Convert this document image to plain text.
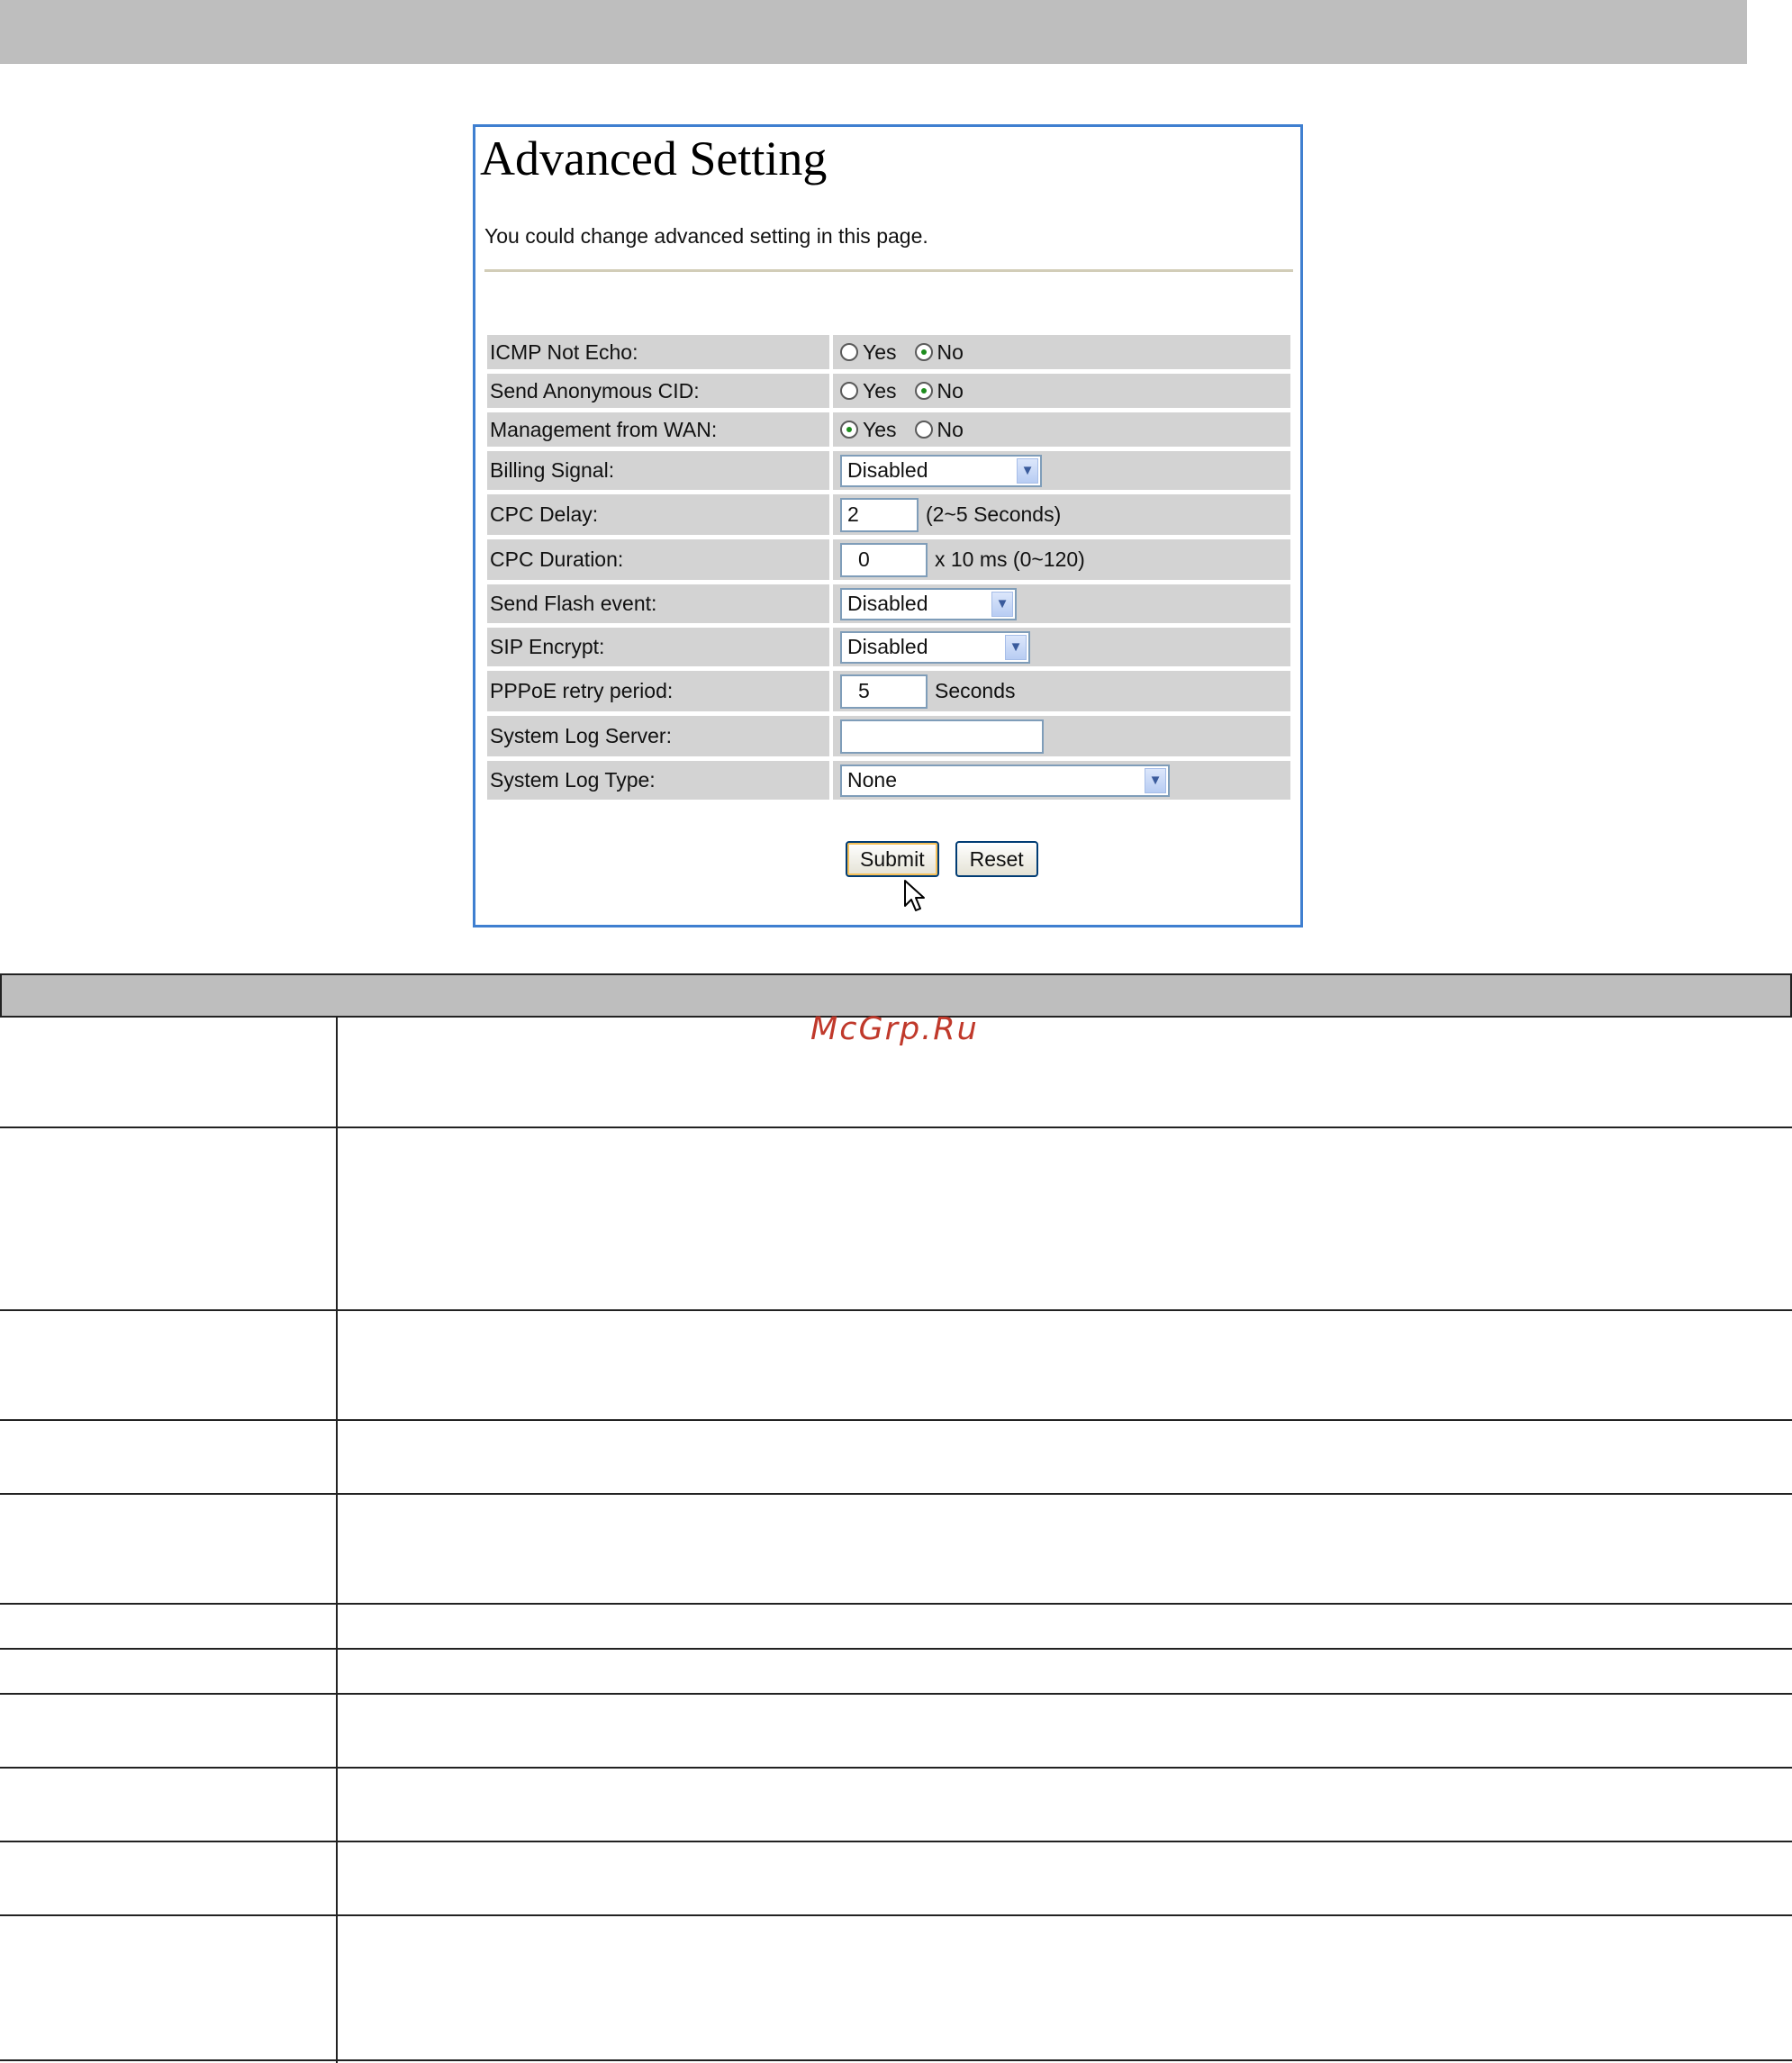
Advanced Setting
You could change advanced setting in this page.
ICMP Not Echo:	Yes No
Send Anonymous CID:	Yes No
Management from WAN:	Yes No
Billing Signal:	Disabled	▼
CPC Delay:	2	(2~5 Seconds)
CPC Duration:	0	x 10 ms (0~120)
Send Flash event:	Disabled	▼
SIP Encrypt:	Disabled	▼
PPPoE retry period:	5	Seconds
System Log Server:
System Log Type:	None	▼
Submit	Reset
McGrp.Ru
